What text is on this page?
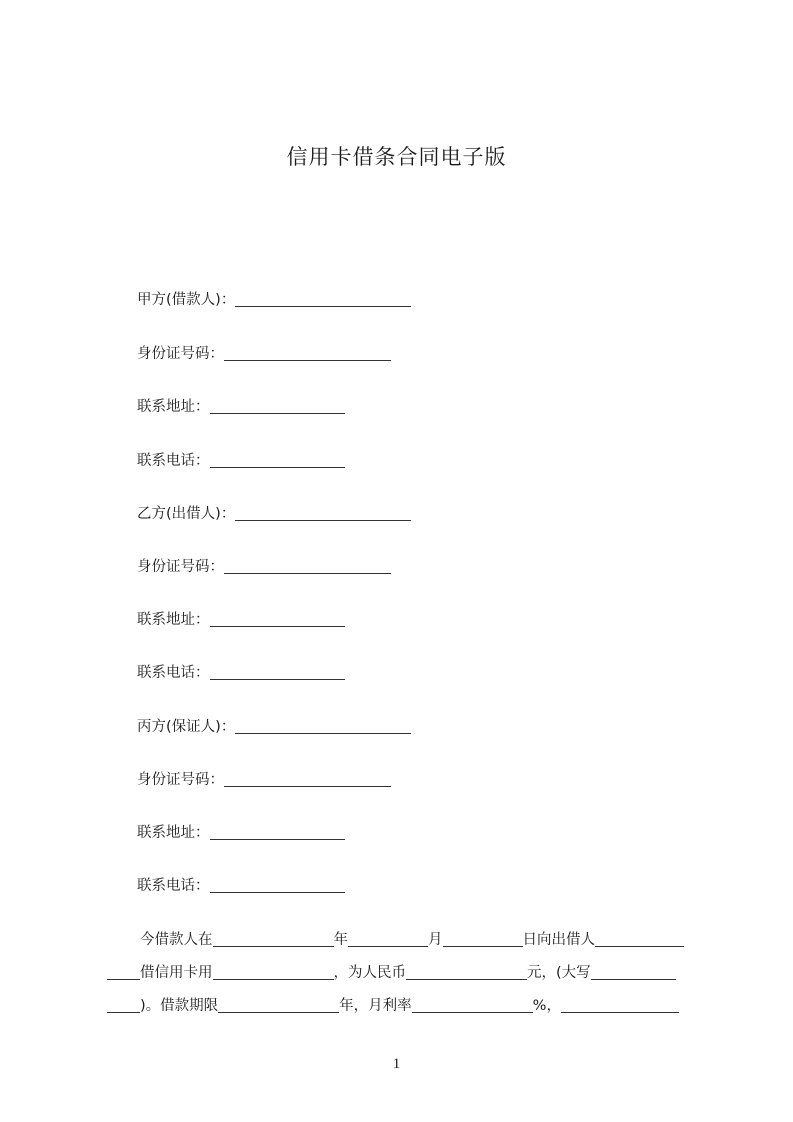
信用卡借条合同电子版
甲方(借款人)：
身份证号码：
联系地址：
联系电话：
乙方(出借人)：
身份证号码：
联系地址：
联系电话：
丙方(保证人)：
身份证号码：
联系地址：
联系电话：
今借款人在	年	月	日向出借人
借信用卡用	，为人民币	元，(大写
)。借款期限	年，月利率	%，
1
